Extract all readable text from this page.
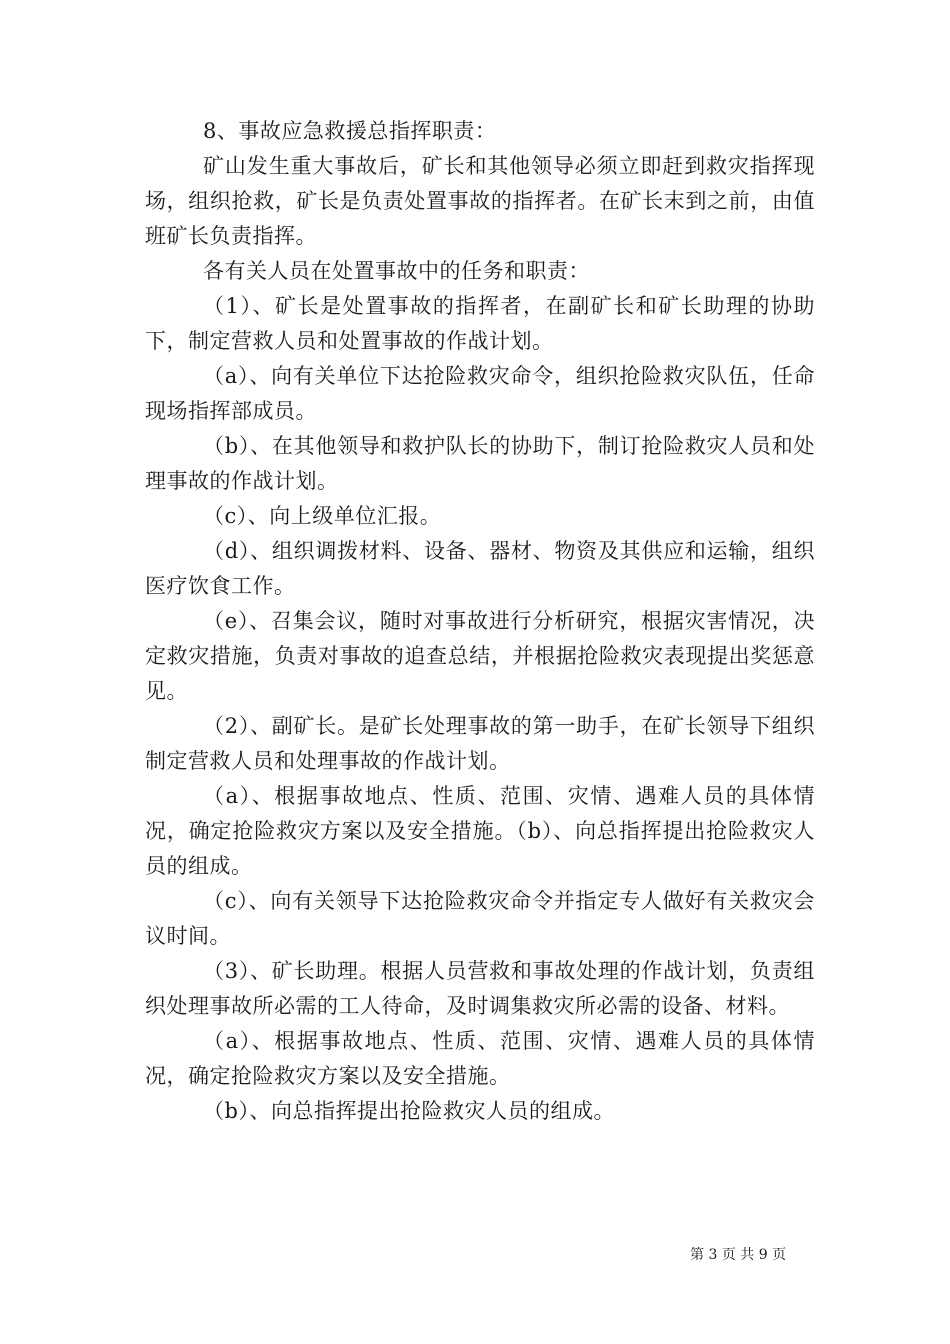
8、事故应急救援总指挥职责：

矿山发生重大事故后，矿长和其他领导必须立即赶到救灾指挥现场，组织抢救，矿长是负责处置事故的指挥者。在矿长末到之前，由值班矿长负责指挥。

各有关人员在处置事故中的任务和职责：

（1）、矿长是处置事故的指挥者，在副矿长和矿长助理的协助下，制定营救人员和处置事故的作战计划。

（a）、向有关单位下达抢险救灾命令，组织抢险救灾队伍，任命现场指挥部成员。

（b）、在其他领导和救护队长的协助下，制订抢险救灾人员和处理事故的作战计划。

（c）、向上级单位汇报。

（d）、组织调拨材料、设备、器材、物资及其供应和运输，组织医疗饮食工作。

（e）、召集会议，随时对事故进行分析研究，根据灾害情况，决定救灾措施，负责对事故的追查总结，并根据抢险救灾表现提出奖惩意见。

（2）、副矿长。是矿长处理事故的第一助手，在矿长领导下组织制定营救人员和处理事故的作战计划。

（a）、根据事故地点、性质、范围、灾情、遇难人员的具体情况，确定抢险救灾方案以及安全措施。（b）、向总指挥提出抢险救灾人员的组成。

（c）、向有关领导下达抢险救灾命令并指定专人做好有关救灾会议时间。

（3）、矿长助理。根据人员营救和事故处理的作战计划，负责组织处理事故所必需的工人待命，及时调集救灾所必需的设备、材料。

（a）、根据事故地点、性质、范围、灾情、遇难人员的具体情况，确定抢险救灾方案以及安全措施。

（b）、向总指挥提出抢险救灾人员的组成。

第 3 页 共 9 页
